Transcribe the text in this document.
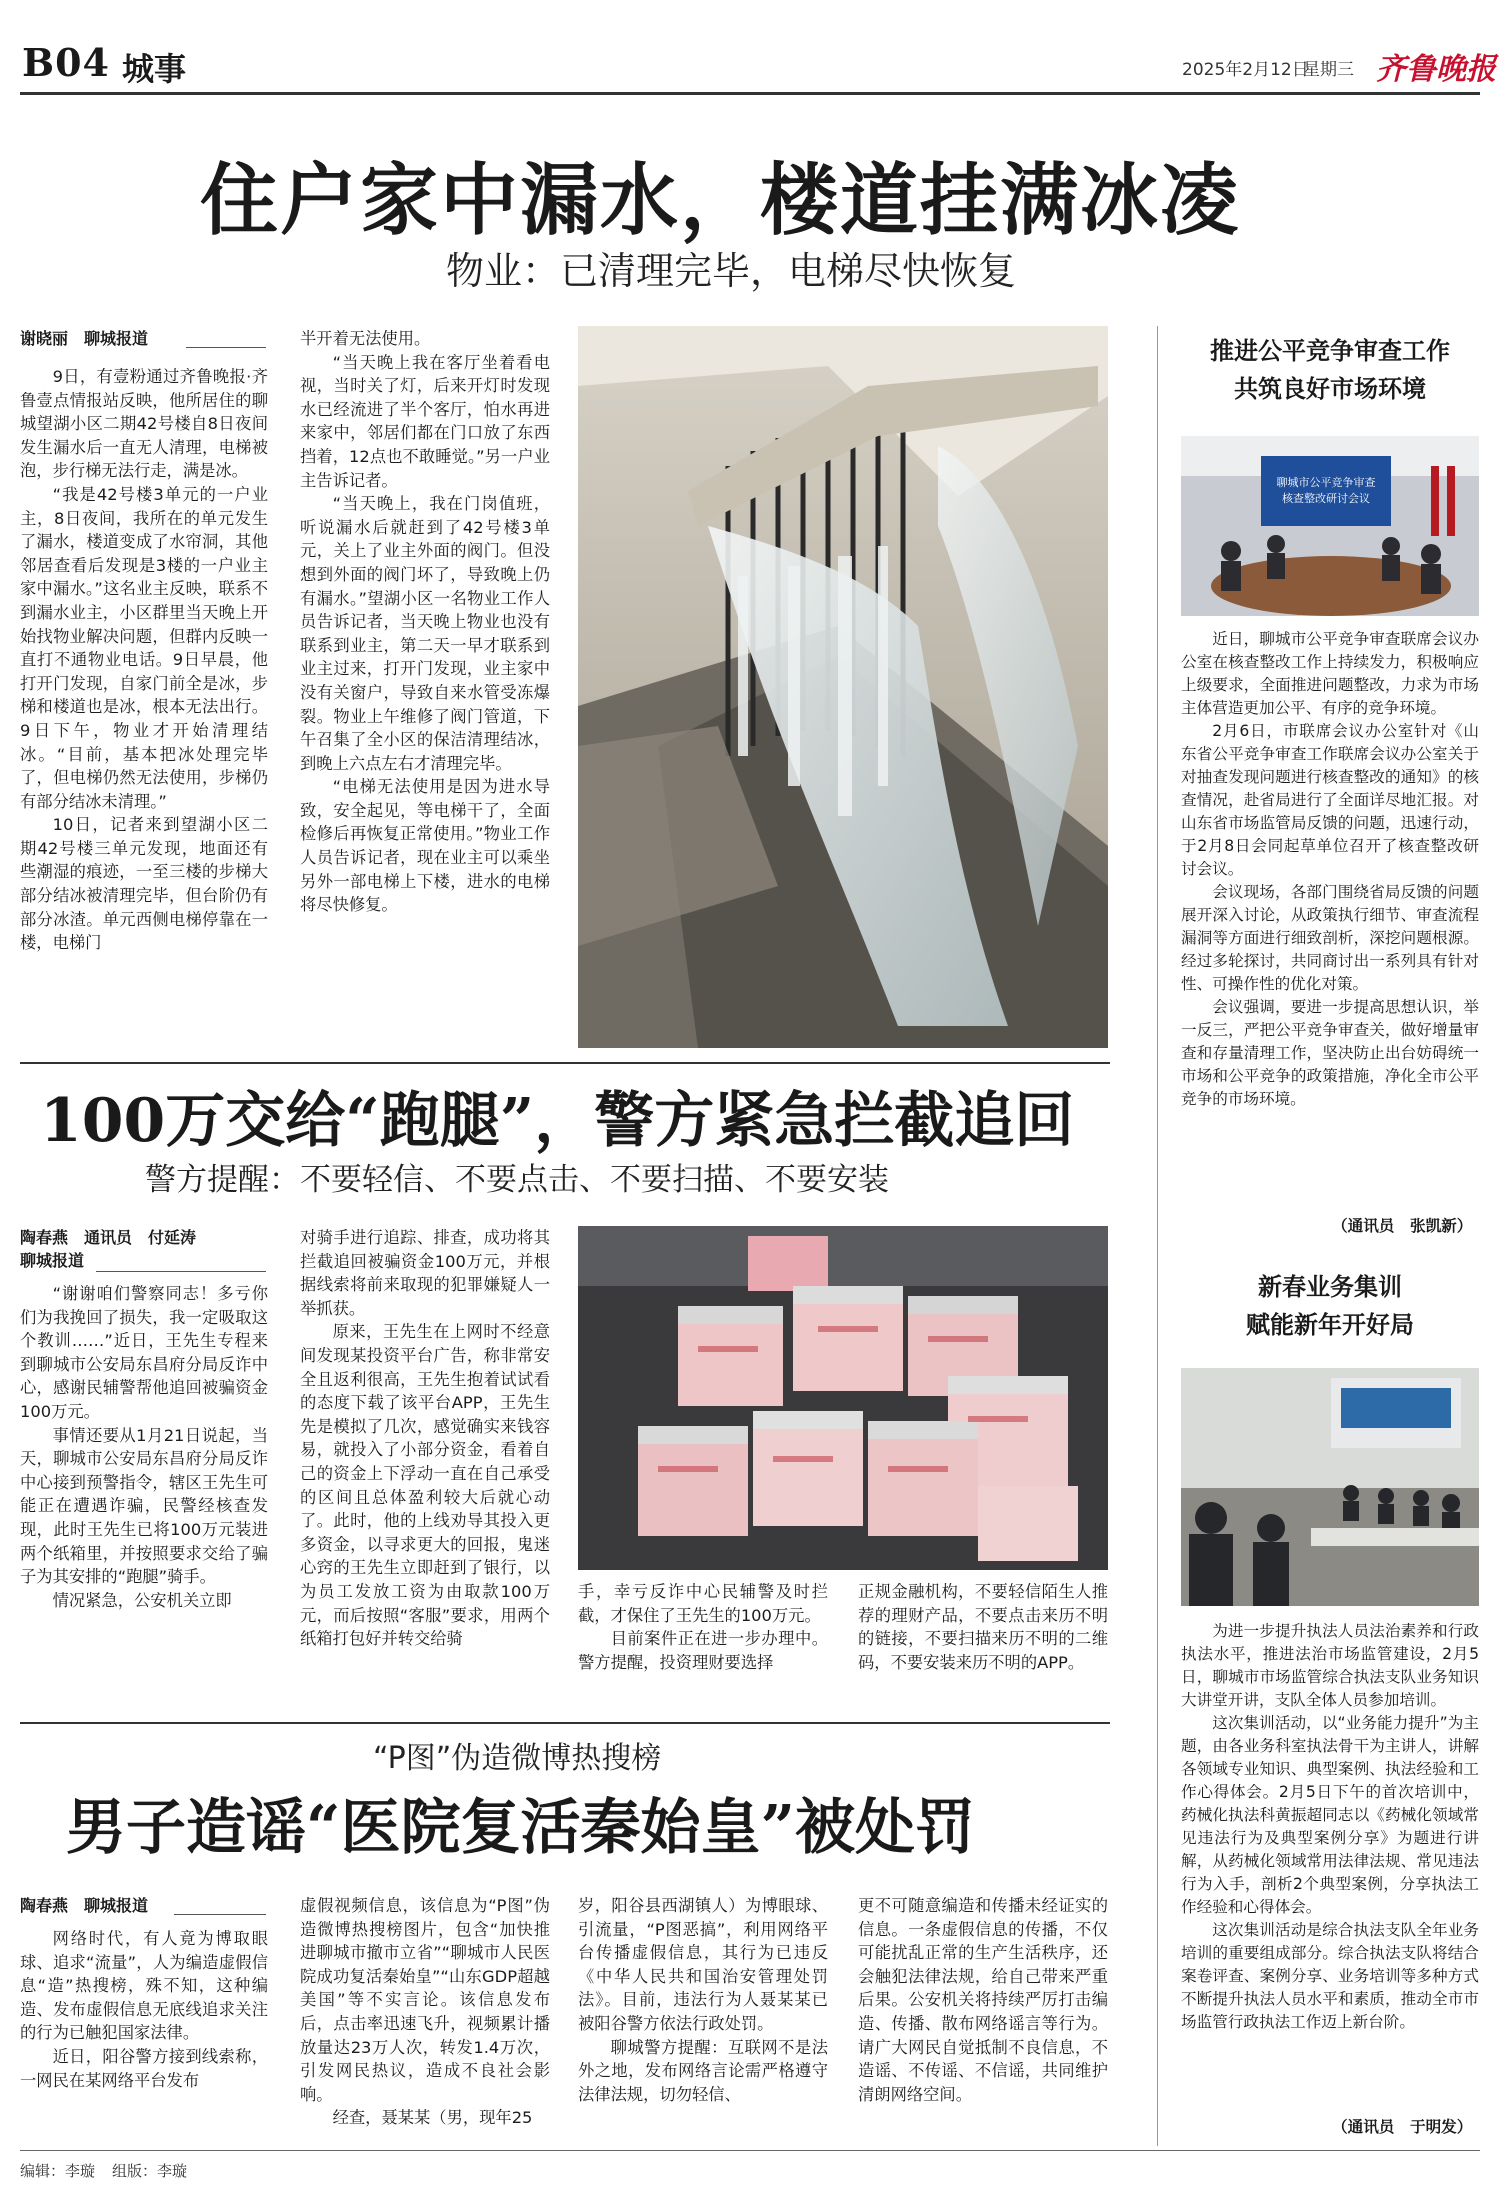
B04 城事	2025年2月12日
星期三 齐鲁晚报
住户家中漏水，楼道挂满冰凌
物业：已清理完毕，电梯尽快恢复
谢晓丽　聊城报道

9日，有壹粉通过齐鲁晚报·齐鲁壹点情报站反映，他所居住的聊城望湖小区二期42号楼自8日夜间发生漏水后一直无人清理，电梯被泡，步行梯无法行走，满是冰。

“我是42号楼3单元的一户业主，8日夜间，我所在的单元发生了漏水，楼道变成了水帘洞，其他邻居查看后发现是3楼的一户业主家中漏水。”这名业主反映，联系不到漏水业主，小区群里当天晚上开始找物业解决问题，但群内反映一直打不通物业电话。9日早晨，他打开门发现，自家门前全是冰，步梯和楼道也是冰，根本无法出行。9日下午，物业才开始清理结冰。“目前，基本把冰处理完毕了，但电梯仍然无法使用，步梯仍有部分结冰未清理。”

10日，记者来到望湖小区二期42号楼三单元发现，地面还有些潮湿的痕迹，一至三楼的步梯大部分结冰被清理完毕，但台阶仍有部分冰渣。单元西侧电梯停靠在一楼，电梯门

半开着无法使用。

“当天晚上我在客厅坐着看电视，当时关了灯，后来开灯时发现水已经流进了半个客厅，怕水再进来家中，邻居们都在门口放了东西挡着，12点也不敢睡觉。”另一户业主告诉记者。

“当天晚上，我在门岗值班，听说漏水后就赶到了42号楼3单元，关上了业主外面的阀门。但没想到外面的阀门坏了，导致晚上仍有漏水。”望湖小区一名物业工作人员告诉记者，当天晚上物业也没有联系到业主，第二天一早才联系到业主过来，打开门发现，业主家中没有关窗户，导致自来水管受冻爆裂。物业上午维修了阀门管道，下午召集了全小区的保洁清理结冰，到晚上六点左右才清理完毕。

“电梯无法使用是因为进水导致，安全起见，等电梯干了，全面检修后再恢复正常使用。”物业工作人员告诉记者，现在业主可以乘坐另外一部电梯上下楼，进水的电梯将尽快修复。

100万交给“跑腿”，警方紧急拦截追回
警方提醒：不要轻信、不要点击、不要扫描、不要安装
陶春燕　通讯员　付延涛
聊城报道

“谢谢咱们警察同志！多亏你们为我挽回了损失，我一定吸取这个教训……”近日，王先生专程来到聊城市公安局东昌府分局反诈中心，感谢民辅警帮他追回被骗资金100万元。

事情还要从1月21日说起，当天，聊城市公安局东昌府分局反诈中心接到预警指令，辖区王先生可能正在遭遇诈骗，民警经核查发现，此时王先生已将100万元装进两个纸箱里，并按照要求交给了骗子为其安排的“跑腿”骑手。

情况紧急，公安机关立即

对骑手进行追踪、排查，成功将其拦截追回被骗资金100万元，并根据线索将前来取现的犯罪嫌疑人一举抓获。

原来，王先生在上网时不经意间发现某投资平台广告，称非常安全且返利很高，王先生抱着试试看的态度下载了该平台APP，王先生先是模拟了几次，感觉确实来钱容易，就投入了小部分资金，看着自己的资金上下浮动一直在自己承受的区间且总体盈利较大后就心动了。此时，他的上线劝导其投入更多资金，以寻求更大的回报，鬼迷心窍的王先生立即赶到了银行，以为员工发放工资为由取款100万元，而后按照“客服”要求，用两个纸箱打包好并转交给骑

手，幸亏反诈中心民辅警及时拦截，才保住了王先生的100万元。

目前案件正在进一步办理中。警方提醒，投资理财要选择

正规金融机构，不要轻信陌生人推荐的理财产品，不要点击来历不明的链接，不要扫描来历不明的二维码，不要安装来历不明的APP。

“P图”伪造微博热搜榜
男子造谣“医院复活秦始皇”被处罚
陶春燕　聊城报道

网络时代，有人竟为博取眼球、追求“流量”，人为编造虚假信息“造”热搜榜，殊不知，这种编造、发布虚假信息无底线追求关注的行为已触犯国家法律。

近日，阳谷警方接到线索称，一网民在某网络平台发布

虚假视频信息，该信息为“P图”伪造微博热搜榜图片，包含“加快推进聊城市撤市立省”“聊城市人民医院成功复活秦始皇”“山东GDP超越美国”等不实言论。该信息发布后，点击率迅速飞升，视频累计播放量达23万人次，转发1.4万次，引发网民热议，造成不良社会影响。

经查，聂某某（男，现年25

岁，阳谷县西湖镇人）为博眼球、引流量，“P图恶搞”，利用网络平台传播虚假信息，其行为已违反《中华人民共和国治安管理处罚法》。目前，违法行为人聂某某已被阳谷警方依法行政处罚。

聊城警方提醒：互联网不是法外之地，发布网络言论需严格遵守法律法规，切勿轻信、

更不可随意编造和传播未经证实的信息。一条虚假信息的传播，不仅可能扰乱正常的生产生活秩序，还会触犯法律法规，给自己带来严重后果。公安机关将持续严厉打击编造、传播、散布网络谣言等行为。请广大网民自觉抵制不良信息，不造谣、不传谣、不信谣，共同维护清朗网络空间。

推进公平竞争审查工作
共筑良好市场环境
聊城市公平竞争审查
核查整改研讨会议

近日，聊城市公平竞争审查联席会议办公室在核查整改工作上持续发力，积极响应上级要求，全面推进问题整改，力求为市场主体营造更加公平、有序的竞争环境。

2月6日，市联席会议办公室针对《山东省公平竞争审查工作联席会议办公室关于对抽查发现问题进行核查整改的通知》的核查情况，赴省局进行了全面详尽地汇报。对山东省市场监管局反馈的问题，迅速行动，于2月8日会同起草单位召开了核查整改研讨会议。

会议现场，各部门围绕省局反馈的问题展开深入讨论，从政策执行细节、审查流程漏洞等方面进行细致剖析，深挖问题根源。经过多轮探讨，共同商讨出一系列具有针对性、可操作性的优化对策。

会议强调，要进一步提高思想认识，举一反三，严把公平竞争审查关，做好增量审查和存量清理工作，坚决防止出台妨碍统一市场和公平竞争的政策措施，净化全市公平竞争的市场环境。

（通讯员　张凯新）
新春业务集训
赋能新年开好局

为进一步提升执法人员法治素养和行政执法水平，推进法治市场监管建设，2月5日，聊城市市场监管综合执法支队业务知识大讲堂开讲，支队全体人员参加培训。

这次集训活动，以“业务能力提升”为主题，由各业务科室执法骨干为主讲人，讲解各领域专业知识、典型案例、执法经验和工作心得体会。2月5日下午的首次培训中，药械化执法科黄振超同志以《药械化领域常见违法行为及典型案例分享》为题进行讲解，从药械化领域常用法律法规、常见违法行为入手，剖析2个典型案例，分享执法工作经验和心得体会。

这次集训活动是综合执法支队全年业务培训的重要组成部分。综合执法支队将结合案卷评查、案例分享、业务培训等多种方式不断提升执法人员水平和素质，推动全市市场监管行政执法工作迈上新台阶。

（通讯员　于明发）
编辑：李璇 组版：李璇
